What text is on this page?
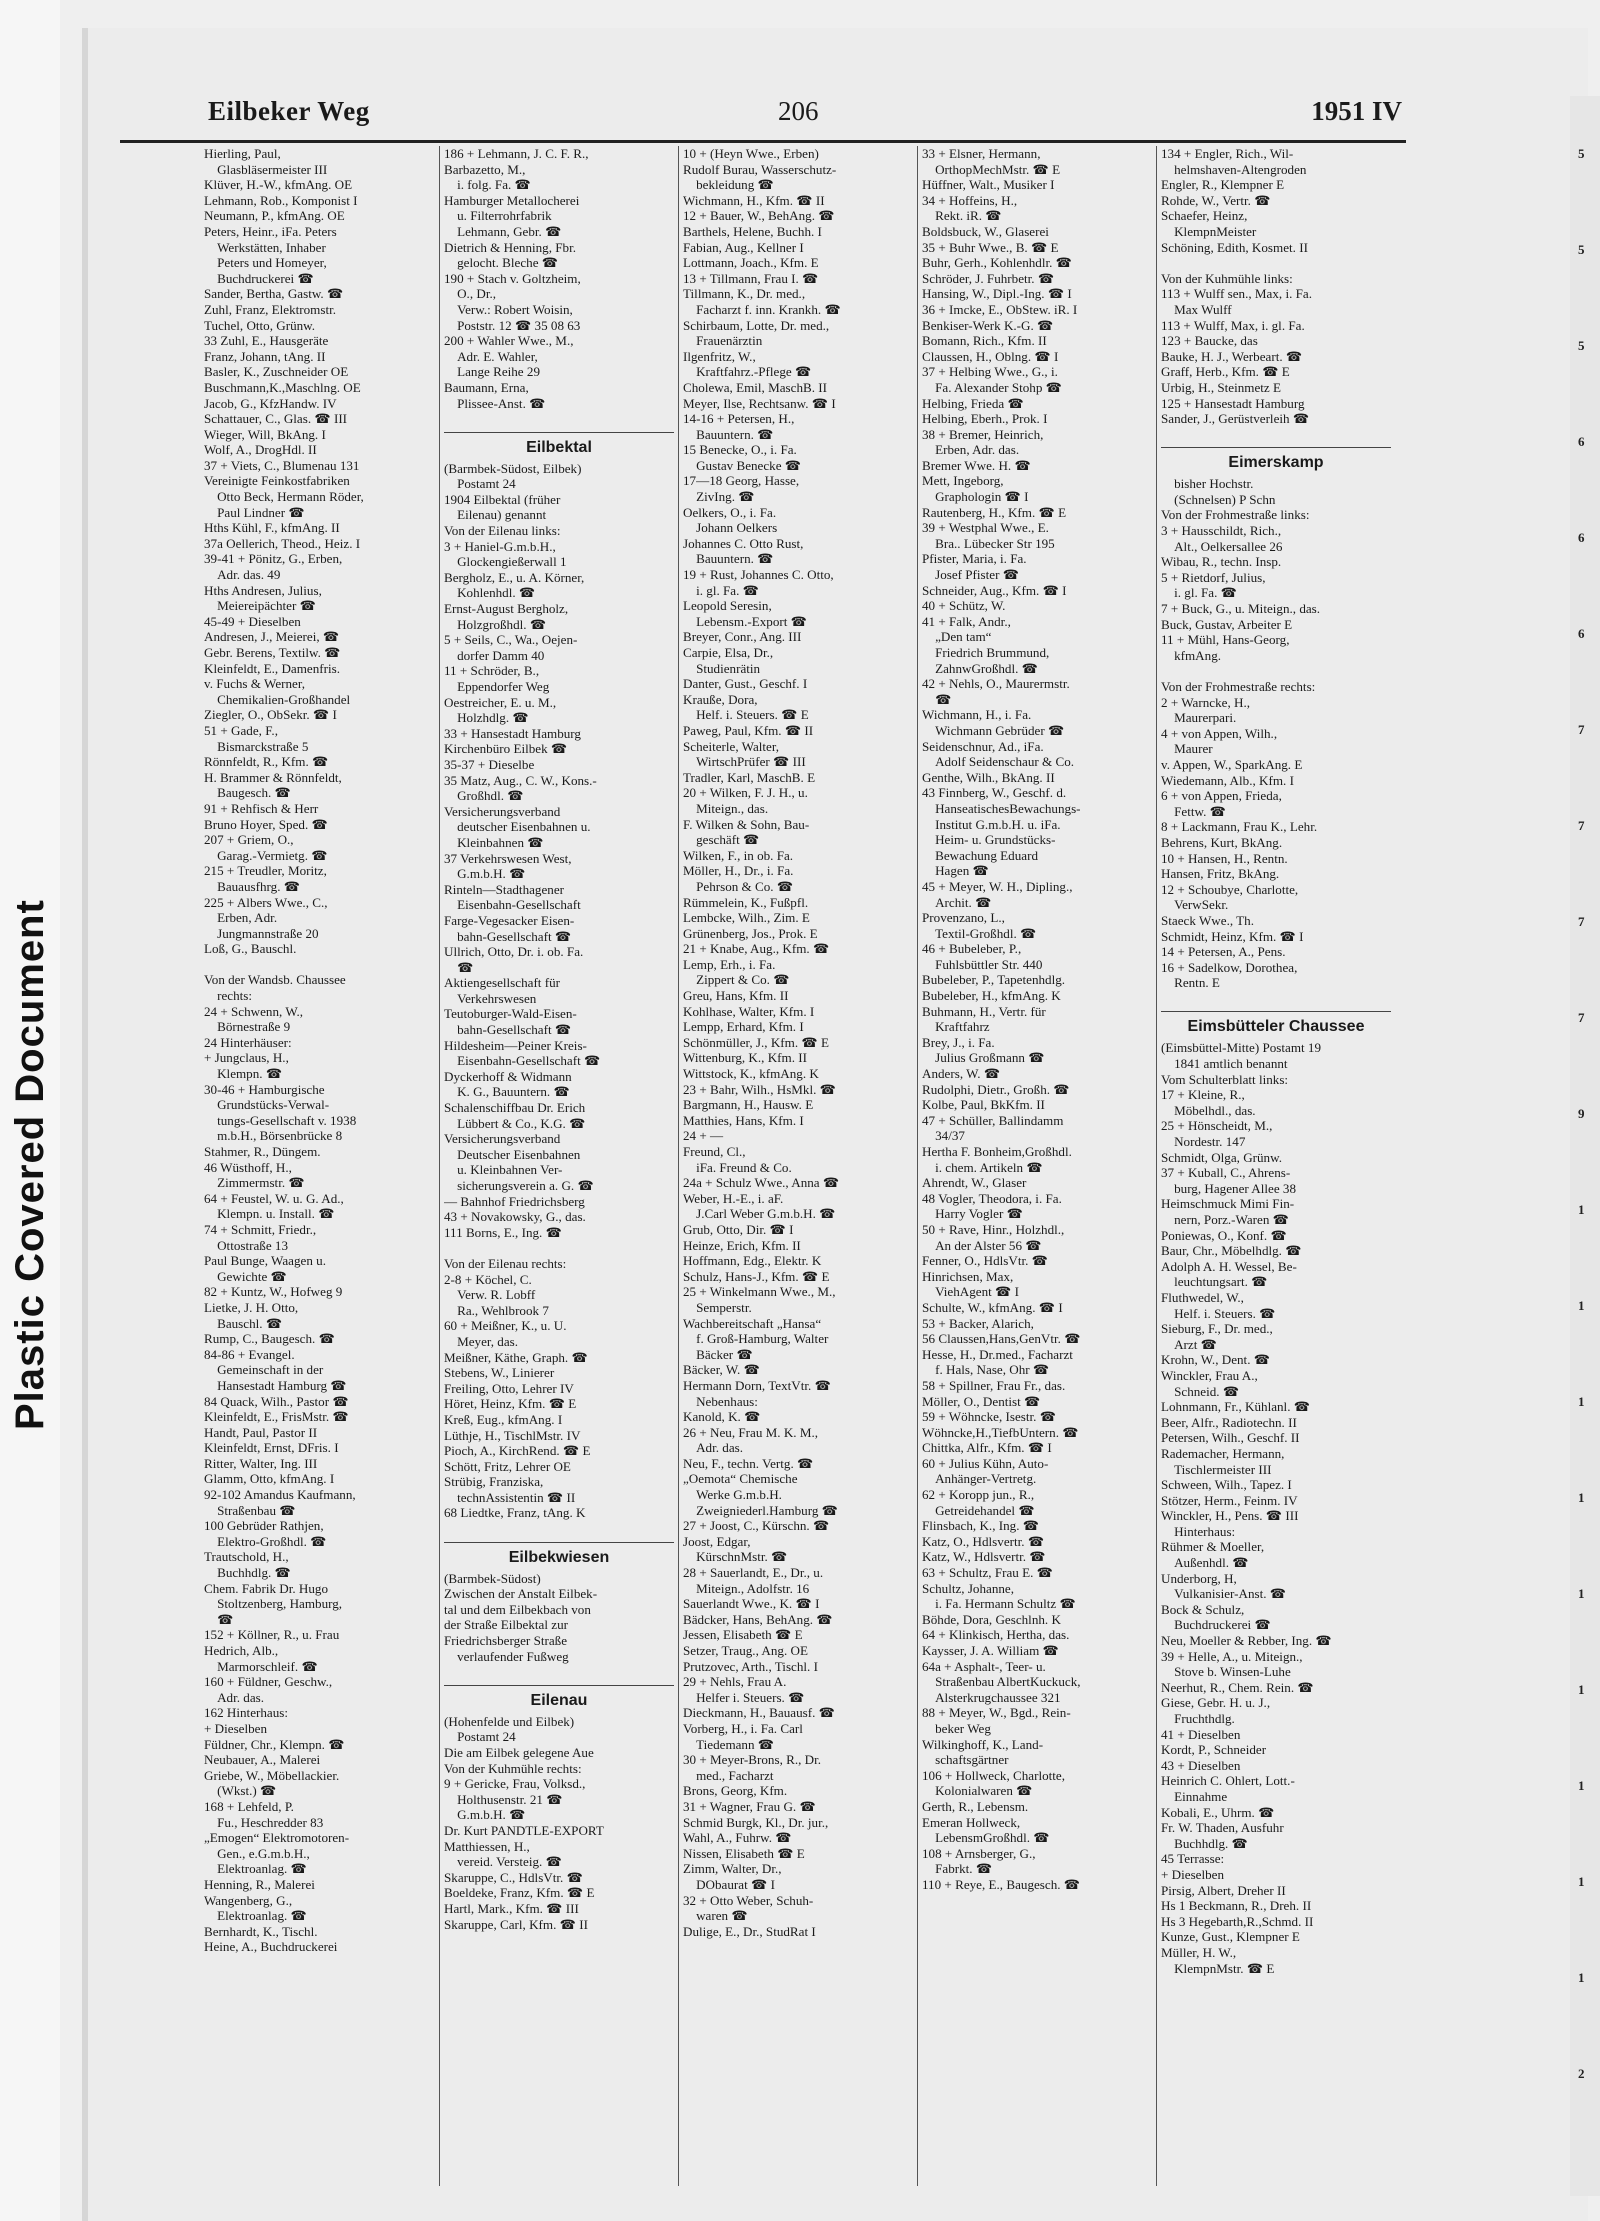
Plastic Covered Document
Eilbeker Weg	206	1951 IV
Hierling, Paul,
Glasbläsermeister III
Klüver, H.-W., kfmAng. OE
Lehmann, Rob., Komponist I
Neumann, P., kfmAng. OE
Peters, Heinr., iFa. Peters
Werkstätten, Inhaber
Peters und Homeyer,
Buchdruckerei ☎
Sander, Bertha, Gastw. ☎
Zuhl, Franz, Elektromstr.
Tuchel, Otto, Grünw.
33 Zuhl, E., Hausgeräte
Franz, Johann, tAng. II
Basler, K., Zuschneider OE
Buschmann,K.,Maschlng. OE
Jacob, G., KfzHandw. IV
Schattauer, C., Glas. ☎ III
Wieger, Will, BkAng. I
Wolf, A., DrogHdl. II
37 + Viets, C., Blumenau 131
Vereinigte Feinkostfabriken
Otto Beck, Hermann Röder,
Paul Lindner ☎
Hths Kühl, F., kfmAng. II
37a Oellerich, Theod., Heiz. I
39-41 + Pönitz, G., Erben,
Adr. das. 49
Hths Andresen, Julius,
Meiereipächter ☎
45-49 + Dieselben
Andresen, J., Meierei, ☎
Gebr. Berens, Textilw. ☎
Kleinfeldt, E., Damenfris.
v. Fuchs & Werner,
Chemikalien-Großhandel
Ziegler, O., ObSekr. ☎ I
51 + Gade, F.,
Bismarckstraße 5
Rönnfeldt, R., Kfm. ☎
H. Brammer & Rönnfeldt,
Baugesch. ☎
91 + Rehfisch & Herr
Bruno Hoyer, Sped. ☎
207 + Griem, O.,
Garag.-Vermietg. ☎
215 + Treudler, Moritz,
Bauausfhrg. ☎
225 + Albers Wwe., C.,
Erben, Adr.
Jungmannstraße 20
Loß, G., Bauschl.

Von der Wandsb. Chaussee
rechts:
24 + Schwenn, W.,
Börnestraße 9
24 Hinterhäuser:
+ Jungclaus, H.,
Klempn. ☎
30-46 + Hamburgische
Grundstücks-Verwal-
tungs-Gesellschaft v. 1938
m.b.H., Börsenbrücke 8
Stahmer, R., Düngem.
46 Wüsthoff, H.,
Zimmermstr. ☎
64 + Feustel, W. u. G. Ad.,
Klempn. u. Install. ☎
74 + Schmitt, Friedr.,
Ottostraße 13
Paul Bunge, Waagen u.
Gewichte ☎
82 + Kuntz, W., Hofweg 9
Lietke, J. H. Otto,
Bauschl. ☎
Rump, C., Baugesch. ☎
84-86 + Evangel.
Gemeinschaft in der
Hansestadt Hamburg ☎
84 Quack, Wilh., Pastor ☎
Kleinfeldt, E., FrisMstr. ☎
Handt, Paul, Pastor II
Kleinfeldt, Ernst, DFris. I
Ritter, Walter, Ing. III
Glamm, Otto, kfmAng. I
92-102 Amandus Kaufmann,
Straßenbau ☎
100 Gebrüder Rathjen,
Elektro-Großhdl. ☎
Trautschold, H.,
Buchhdlg. ☎
Chem. Fabrik Dr. Hugo
Stoltzenberg, Hamburg,
☎
152 + Köllner, R., u. Frau
Hedrich, Alb.,
Marmorschleif. ☎
160 + Füldner, Geschw.,
Adr. das.
162 Hinterhaus:
+ Dieselben
Füldner, Chr., Klempn. ☎
Neubauer, A., Malerei
Griebe, W., Möbellackier.
(Wkst.) ☎
168 + Lehfeld, P.
Fu., Heschredder 83
„Emogen“ Elektromotoren-
Gen., e.G.m.b.H.,
Elektroanlag. ☎
Henning, R., Malerei
Wangenberg, G.,
Elektroanlag. ☎
Bernhardt, K., Tischl.
Heine, A., Buchdruckerei
186 + Lehmann, J. C. F. R.,
Barbazetto, M.,
i. folg. Fa. ☎
Hamburger Metallocherei
u. Filterrohrfabrik
Lehmann, Gebr. ☎
Dietrich & Henning, Fbr.
gelocht. Bleche ☎
190 + Stach v. Goltzheim,
O., Dr.,
Verw.: Robert Woisin,
Poststr. 12 ☎ 35 08 63
200 + Wahler Wwe., M.,
Adr. E. Wahler,
Lange Reihe 29
Baumann, Erna,
Plissee-Anst. ☎

Eilbektal
(Barmbek-Südost, Eilbek)
Postamt 24
1904 Eilbektal (früher
Eilenau) genannt
Von der Eilenau links:
3 + Haniel-G.m.b.H.,
Glockengießerwall 1
Bergholz, E., u. A. Körner,
Kohlenhdl. ☎
Ernst-August Bergholz,
Holzgroßhdl. ☎
5 + Seils, C., Wa., Oejen-
dorfer Damm 40
11 + Schröder, B.,
Eppendorfer Weg
Oestreicher, E. u. M.,
Holzhdlg. ☎
33 + Hansestadt Hamburg
Kirchenbüro Eilbek ☎
35-37 + Dieselbe
35 Matz, Aug., C. W., Kons.-
Großhdl. ☎
Versicherungsverband
deutscher Eisenbahnen u.
Kleinbahnen ☎
37 Verkehrswesen West,
G.m.b.H. ☎
Rinteln—Stadthagener
Eisenbahn-Gesellschaft
Farge-Vegesacker Eisen-
bahn-Gesellschaft ☎
Ullrich, Otto, Dr. i. ob. Fa.
☎
Aktiengesellschaft für
Verkehrswesen
Teutoburger-Wald-Eisen-
bahn-Gesellschaft ☎
Hildesheim—Peiner Kreis-
Eisenbahn-Gesellschaft ☎
Dyckerhoff & Widmann
K. G., Bauuntern. ☎
Schalenschiffbau Dr. Erich
Lübbert & Co., K.G. ☎
Versicherungsverband
Deutscher Eisenbahnen
u. Kleinbahnen Ver-
sicherungsverein a. G. ☎
— Bahnhof Friedrichsberg
43 + Novakowsky, G., das.
111 Borns, E., Ing. ☎

Von der Eilenau rechts:
2-8 + Köchel, C.
Verw. R. Lobff
Ra., Wehlbrook 7
60 + Meißner, K., u. U.
Meyer, das.
Meißner, Käthe, Graph. ☎
Stebens, W., Linierer
Freiling, Otto, Lehrer IV
Höret, Heinz, Kfm. ☎ E
Kreß, Eug., kfmAng. I
Lüthje, H., TischlMstr. IV
Pioch, A., KirchRend. ☎ E
Schött, Fritz, Lehrer OE
Strübig, Franziska,
technAssistentin ☎ II
68 Liedtke, Franz, tAng. K

Eilbekwiesen
(Barmbek-Südost)
Zwischen der Anstalt Eilbek-
tal und dem Eilbekbach von
der Straße Eilbektal zur
Friedrichsberger Straße
verlaufender Fußweg

Eilenau
(Hohenfelde und Eilbek)
Postamt 24
Die am Eilbek gelegene Aue
Von der Kuhmühle rechts:
9 + Gericke, Frau, Volksd.,
Holthusenstr. 21 ☎
G.m.b.H. ☎
Dr. Kurt PANDTLE-EXPORT
Matthiessen, H.,
vereid. Versteig. ☎
Skaruppe, C., HdlsVtr. ☎
Boeldeke, Franz, Kfm. ☎ E
Hartl, Mark., Kfm. ☎ III
Skaruppe, Carl, Kfm. ☎ II
10 + (Heyn Wwe., Erben)
Rudolf Burau, Wasserschutz-
bekleidung ☎
Wichmann, H., Kfm. ☎ II
12 + Bauer, W., BehAng. ☎
Barthels, Helene, Buchh. I
Fabian, Aug., Kellner I
Lottmann, Joach., Kfm. E
13 + Tillmann, Frau I. ☎
Tillmann, K., Dr. med.,
Facharzt f. inn. Krankh. ☎
Schirbaum, Lotte, Dr. med.,
Frauenärztin
Ilgenfritz, W.,
Kraftfahrz.-Pflege ☎
Cholewa, Emil, MaschB. II
Meyer, Ilse, Rechtsanw. ☎ I
14-16 + Petersen, H.,
Bauuntern. ☎
15 Benecke, O., i. Fa.
Gustav Benecke ☎
17—18 Georg, Hasse,
ZivIng. ☎
Oelkers, O., i. Fa.
Johann Oelkers
Johannes C. Otto Rust,
Bauuntern. ☎
19 + Rust, Johannes C. Otto,
i. gl. Fa. ☎
Leopold Seresin,
Lebensm.-Export ☎
Breyer, Conr., Ang. III
Carpie, Elsa, Dr.,
Studienrätin
Danter, Gust., Geschf. I
Krauße, Dora,
Helf. i. Steuers. ☎ E
Paweg, Paul, Kfm. ☎ II
Scheiterle, Walter,
WirtschPrüfer ☎ III
Tradler, Karl, MaschB. E
20 + Wilken, F. J. H., u.
Miteign., das.
F. Wilken & Sohn, Bau-
geschäft ☎
Wilken, F., in ob. Fa.
Möller, H., Dr., i. Fa.
Pehrson & Co. ☎
Rümmelein, K., Fußpfl.
Lembcke, Wilh., Zim. E
Grünenberg, Jos., Prok. E
21 + Knabe, Aug., Kfm. ☎
Lemp, Erh., i. Fa.
Zippert & Co. ☎
Greu, Hans, Kfm. II
Kohlhase, Walter, Kfm. I
Lempp, Erhard, Kfm. I
Schönmüller, J., Kfm. ☎ E
Wittenburg, K., Kfm. II
Wittstock, K., kfmAng. K
23 + Bahr, Wilh., HsMkl. ☎
Bargmann, H., Hausw. E
Matthies, Hans, Kfm. I
24 + —
Freund, Cl.,
iFa. Freund & Co.
24a + Schulz Wwe., Anna ☎
Weber, H.-E., i. aF.
J.Carl Weber G.m.b.H. ☎
Grub, Otto, Dir. ☎ I
Heinze, Erich, Kfm. II
Hoffmann, Edg., Elektr. K
Schulz, Hans-J., Kfm. ☎ E
25 + Winkelmann Wwe., M.,
Semperstr.
Wachbereitschaft „Hansa“
f. Groß-Hamburg, Walter
Bäcker ☎
Bäcker, W. ☎
Hermann Dorn, TextVtr. ☎
Nebenhaus:
Kanold, K. ☎
26 + Neu, Frau M. K. M.,
Adr. das.
Neu, F., techn. Vertg. ☎
„Oemota“ Chemische
Werke G.m.b.H.
Zweigniederl.Hamburg ☎
27 + Joost, C., Kürschn. ☎
Joost, Edgar,
KürschnMstr. ☎
28 + Sauerlandt, E., Dr., u.
Miteign., Adolfstr. 16
Sauerlandt Wwe., K. ☎ I
Bädcker, Hans, BehAng. ☎
Jessen, Elisabeth ☎ E
Setzer, Traug., Ang. OE
Prutzovec, Arth., Tischl. I
29 + Nehls, Frau A.
Helfer i. Steuers. ☎
Dieckmann, H., Bauausf. ☎
Vorberg, H., i. Fa. Carl
Tiedemann ☎
30 + Meyer-Brons, R., Dr.
med., Facharzt
Brons, Georg, Kfm.
31 + Wagner, Frau G. ☎
Schmid Burgk, Kl., Dr. jur.,
Wahl, A., Fuhrw. ☎
Nissen, Elisabeth ☎ E
Zimm, Walter, Dr.,
DObaurat ☎ I
32 + Otto Weber, Schuh-
waren ☎
Dulige, E., Dr., StudRat I
33 + Elsner, Hermann,
OrthopMechMstr. ☎ E
Hüffner, Walt., Musiker I
34 + Hoffeins, H.,
Rekt. iR. ☎
Boldsbuck, W., Glaserei
35 + Buhr Wwe., B. ☎ E
Buhr, Gerh., Kohlenhdlr. ☎
Schröder, J. Fuhrbetr. ☎
Hansing, W., Dipl.-Ing. ☎ I
36 + Imcke, E., ObStew. iR. I
Benkiser-Werk K.-G. ☎
Bomann, Rich., Kfm. II
Claussen, H., Oblng. ☎ I
37 + Helbing Wwe., G., i.
Fa. Alexander Stohp ☎
Helbing, Frieda ☎
Helbing, Eberh., Prok. I
38 + Bremer, Heinrich,
Erben, Adr. das.
Bremer Wwe. H. ☎
Mett, Ingeborg,
Graphologin ☎ I
Rautenberg, H., Kfm. ☎ E
39 + Westphal Wwe., E.
Bra.. Lübecker Str 195
Pfister, Maria, i. Fa.
Josef Pfister ☎
Schneider, Aug., Kfm. ☎ I
40 + Schütz, W.
41 + Falk, Andr.,
„Den tam“
Friedrich Brummund,
ZahnwGroßhdl. ☎
42 + Nehls, O., Maurermstr.
☎
Wichmann, H., i. Fa.
Wichmann Gebrüder ☎
Seidenschnur, Ad., iFa.
Adolf Seidenschaur & Co.
Genthe, Wilh., BkAng. II
43 Finnberg, W., Geschf. d.
HanseatischesBewachungs-
Institut G.m.b.H. u. iFa.
Heim- u. Grundstücks-
Bewachung Eduard
Hagen ☎
45 + Meyer, W. H., Dipling.,
Archit. ☎
Provenzano, L.,
Textil-Großhdl. ☎
46 + Bubeleber, P.,
Fuhlsbüttler Str. 440
Bubeleber, P., Tapetenhdlg.
Bubeleber, H., kfmAng. K
Buhmann, H., Vertr. für
Kraftfahrz
Brey, J., i. Fa.
Julius Großmann ☎
Anders, W. ☎
Rudolphi, Dietr., Großh. ☎
Kolbe, Paul, BkKfm. II
47 + Schüller, Ballindamm
34/37
Hertha F. Bonheim,Großhdl.
i. chem. Artikeln ☎
Ahrendt, W., Glaser
48 Vogler, Theodora, i. Fa.
Harry Vogler ☎
50 + Rave, Hinr., Holzhdl.,
An der Alster 56 ☎
Fenner, O., HdlsVtr. ☎
Hinrichsen, Max,
ViehAgent ☎ I
Schulte, W., kfmAng. ☎ I
53 + Backer, Alarich,
56 Claussen,Hans,GenVtr. ☎
Hesse, H., Dr.med., Facharzt
f. Hals, Nase, Ohr ☎
58 + Spillner, Frau Fr., das.
Möller, O., Dentist ☎
59 + Wöhncke, Isestr. ☎
Wöhncke,H.,TiefbUntern. ☎
Chittka, Alfr., Kfm. ☎ I
60 + Julius Kühn, Auto-
Anhänger-Vertretg.
62 + Koropp jun., R.,
Getreidehandel ☎
Flinsbach, K., Ing. ☎
Katz, O., Hdlsvertr. ☎
Katz, W., Hdlsvertr. ☎
63 + Schultz, Frau E. ☎
Schultz, Johanne,
i. Fa. Hermann Schultz ☎
Böhde, Dora, Geschlnh. K
64 + Klinkisch, Hertha, das.
Kaysser, J. A. William ☎
64a + Asphalt-, Teer- u.
Straßenbau AlbertKuckuck,
Alsterkrugchaussee 321
88 + Meyer, W., Bgd., Rein-
beker Weg
Wilkinghoff, K., Land-
schaftsgärtner
106 + Hollweck, Charlotte,
Kolonialwaren ☎
Gerth, R., Lebensm.
Emeran Hollweck,
LebensmGroßhdl. ☎
108 + Arnsberger, G.,
Fabrkt. ☎
110 + Reye, E., Baugesch. ☎
134 + Engler, Rich., Wil-
helmshaven-Altengroden
Engler, R., Klempner E
Rohde, W., Vertr. ☎
Schaefer, Heinz,
KlempnMeister
Schöning, Edith, Kosmet. II

Von der Kuhmühle links:
113 + Wulff sen., Max, i. Fa.
Max Wulff
113 + Wulff, Max, i. gl. Fa.
123 + Baucke, das
Bauke, H. J., Werbeart. ☎
Graff, Herb., Kfm. ☎ E
Urbig, H., Steinmetz E
125 + Hansestadt Hamburg
Sander, J., Gerüstverleih ☎

Eimerskamp
bisher Hochstr.
(Schnelsen) P Schn
Von der Frohmestraße links:
3 + Hausschildt, Rich.,
Alt., Oelkersallee 26
Wibau, R., techn. Insp.
5 + Rietdorf, Julius,
i. gl. Fa. ☎
7 + Buck, G., u. Miteign., das.
Buck, Gustav, Arbeiter E
11 + Mühl, Hans-Georg,
kfmAng.

Von der Frohmestraße rechts:
2 + Warncke, H.,
Maurerpari.
4 + von Appen, Wilh.,
Maurer
v. Appen, W., SparkAng. E
Wiedemann, Alb., Kfm. I
6 + von Appen, Frieda,
Fettw. ☎
8 + Lackmann, Frau K., Lehr.
Behrens, Kurt, BkAng.
10 + Hansen, H., Rentn.
Hansen, Fritz, BkAng.
12 + Schoubye, Charlotte,
VerwSekr.
Staeck Wwe., Th.
Schmidt, Heinz, Kfm. ☎ I
14 + Petersen, A., Pens.
16 + Sadelkow, Dorothea,
Rentn. E

Eimsbütteler Chaussee
(Eimsbüttel-Mitte) Postamt 19
1841 amtlich benannt
Vom Schulterblatt links:
17 + Kleine, R.,
Möbelhdl., das.
25 + Hönscheidt, M.,
Nordestr. 147
Schmidt, Olga, Grünw.
37 + Kuball, C., Ahrens-
burg, Hagener Allee 38
Heimschmuck Mimi Fin-
nern, Porz.-Waren ☎
Poniewas, O., Konf. ☎
Baur, Chr., Möbelhdlg. ☎
Adolph A. H. Wessel, Be-
leuchtungsart. ☎
Fluthwedel, W.,
Helf. i. Steuers. ☎
Sieburg, F., Dr. med.,
Arzt ☎
Krohn, W., Dent. ☎
Winckler, Frau A.,
Schneid. ☎
Lohnmann, Fr., Kühlanl. ☎
Beer, Alfr., Radiotechn. II
Petersen, Wilh., Geschf. II
Rademacher, Hermann,
Tischlermeister III
Schween, Wilh., Tapez. I
Stötzer, Herm., Feinm. IV
Winckler, H., Pens. ☎ III
Hinterhaus:
Rühmer & Moeller,
Außenhdl. ☎
Underborg, H,
Vulkanisier-Anst. ☎
Bock & Schulz,
Buchdruckerei ☎
Neu, Moeller & Rebber, Ing. ☎
39 + Helle, A., u. Miteign.,
Stove b. Winsen-Luhe
Neerhut, R., Chem. Rein. ☎
Giese, Gebr. H. u. J.,
Fruchthdlg.
41 + Dieselben
Kordt, P., Schneider
43 + Dieselben
Heinrich C. Ohlert, Lott.-
Einnahme
Kobali, E., Uhrm. ☎
Fr. W. Thaden, Ausfuhr
Buchhdlg. ☎
45 Terrasse:
+ Dieselben
Pirsig, Albert, Dreher II
Hs 1 Beckmann, R., Dreh. II
Hs 3 Hegebarth,R.,Schmd. II
Kunze, Gust., Klempner E
Müller, H. W.,
KlempnMstr. ☎ E
5
5
5
6
6
6
7
7
7
7
9
1
1
1
1
1
1
1
1
1
2
